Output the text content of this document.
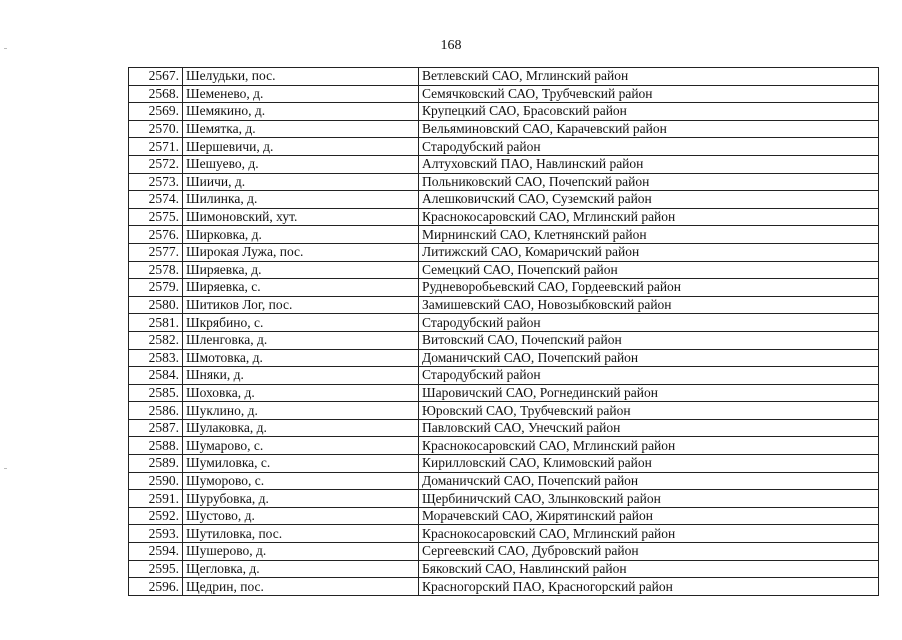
168
2567.	Шелудьки, пос.	Ветлевский САО, Мглинский район
2568.	Шеменево, д.	Семячковский САО, Трубчевский район
2569.	Шемякино, д.	Крупецкий САО, Брасовский район
2570.	Шемятка, д.	Вельяминовский САО, Карачевский район
2571.	Шершевичи, д.	Стародубский район
2572.	Шешуево, д.	Алтуховский ПАО, Навлинский район
2573.	Шиичи, д.	Польниковский САО, Почепский район
2574.	Шилинка, д.	Алешковичский САО, Суземский район
2575.	Шимоновский, хут.	Краснокосаровский САО, Мглинский район
2576.	Ширковка, д.	Мирнинский САО, Клетнянский район
2577.	Широкая Лужа, пос.	Литижский САО, Комаричский район
2578.	Ширяевка, д.	Семецкий САО, Почепский район
2579.	Ширяевка, с.	Рудневоробьевский САО, Гордеевский район
2580.	Шитиков Лог, пос.	Замишевский САО, Новозыбковский район
2581.	Шкрябино, с.	Стародубский район
2582.	Шленговка, д.	Витовский САО, Почепский район
2583.	Шмотовка, д.	Доманичский САО, Почепский район
2584.	Шняки, д.	Стародубский район
2585.	Шоховка, д.	Шаровичский САО, Рогнединский район
2586.	Шуклино, д.	Юровский САО, Трубчевский район
2587.	Шулаковка, д.	Павловский САО, Унечский район
2588.	Шумарово, с.	Краснокосаровский САО, Мглинский район
2589.	Шумиловка, с.	Кирилловский САО, Климовский район
2590.	Шуморово, с.	Доманичский САО, Почепский район
2591.	Шурубовка, д.	Щербиничский САО, Злынковский район
2592.	Шустово, д.	Морачевский САО, Жирятинский район
2593.	Шутиловка, пос.	Краснокосаровский САО, Мглинский район
2594.	Шушерово, д.	Сергеевский САО, Дубровский район
2595.	Щегловка, д.	Бяковский САО, Навлинский район
2596.	Щедрин, пос.	Красногорский ПАО, Красногорский район
